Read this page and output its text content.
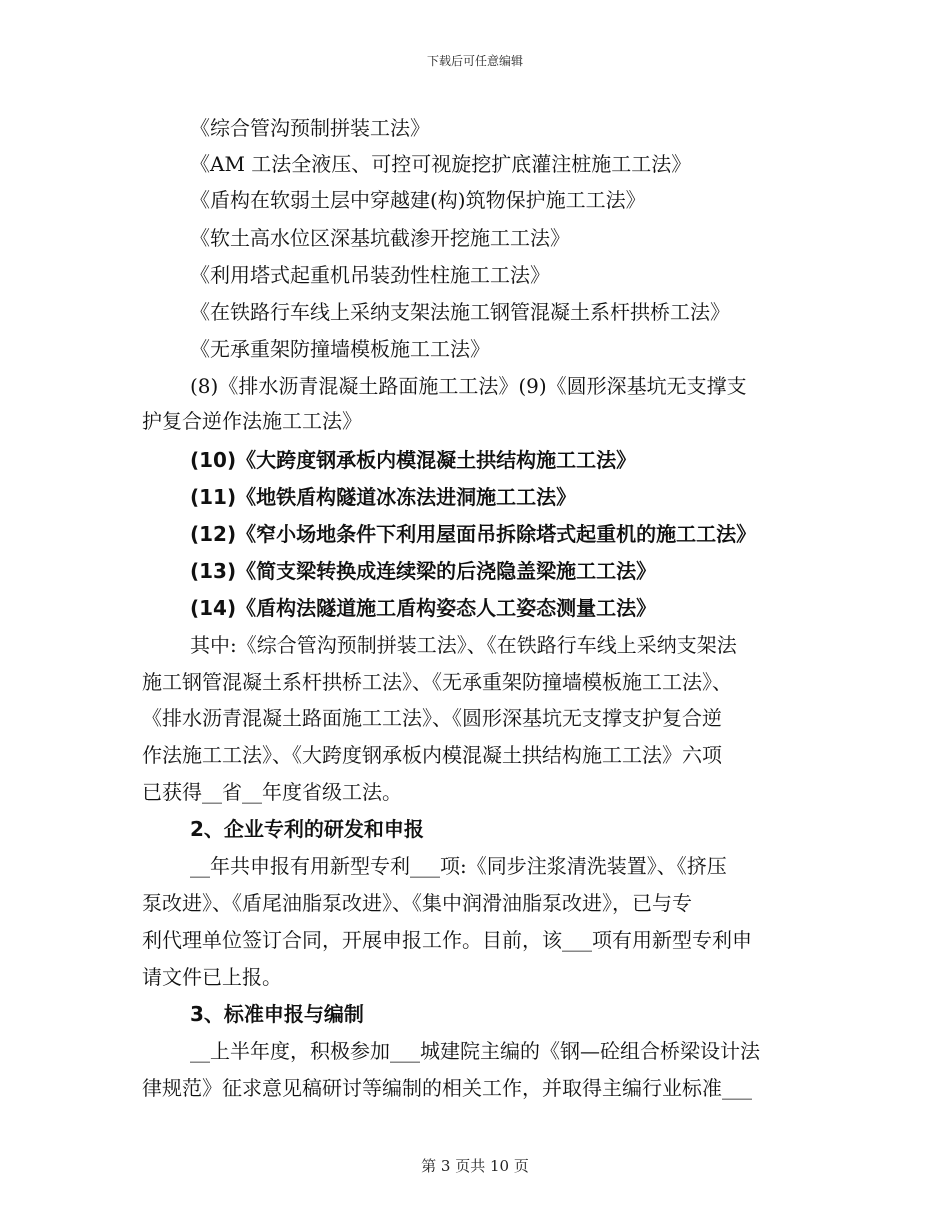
下载后可任意编辑
《综合管沟预制拼装工法》
《AM 工法全液压、可控可视旋挖扩底灌注桩施工工法》
《盾构在软弱土层中穿越建(构)筑物保护施工工法》
《软土高水位区深基坑截渗开挖施工工法》
《利用塔式起重机吊装劲性柱施工工法》
《在铁路行车线上采纳支架法施工钢管混凝土系杆拱桥工法》
《无承重架防撞墙模板施工工法》
(8)《排水沥青混凝土路面施工工法》(9)《圆形深基坑无支撑支
护复合逆作法施工工法》
(10)《大跨度钢承板内模混凝土拱结构施工工法》
(11)《地铁盾构隧道冰冻法进洞施工工法》
(12)《窄小场地条件下利用屋面吊拆除塔式起重机的施工工法》
(13)《简支梁转换成连续梁的后浇隐盖梁施工工法》
(14)《盾构法隧道施工盾构姿态人工姿态测量工法》
其中:《综合管沟预制拼装工法》、《在铁路行车线上采纳支架法
施工钢管混凝土系杆拱桥工法》、《无承重架防撞墙模板施工工法》、
《排水沥青混凝土路面施工工法》、《圆形深基坑无支撑支护复合逆
作法施工工法》、《大跨度钢承板内模混凝土拱结构施工工法》六项
已获得__省__年度省级工法。
2、企业专利的研发和申报
__年共申报有用新型专利___项:《同步注浆清洗装置》、《挤压
泵改进》、《盾尾油脂泵改进》、《集中润滑油脂泵改进》，已与专
利代理单位签订合同，开展申报工作。目前，该___项有用新型专利申
请文件已上报。
3、标准申报与编制
__上半年度，积极参加___城建院主编的《钢—砼组合桥梁设计法
律规范》征求意见稿研讨等编制的相关工作，并取得主编行业标准___
第 3 页共 10 页
